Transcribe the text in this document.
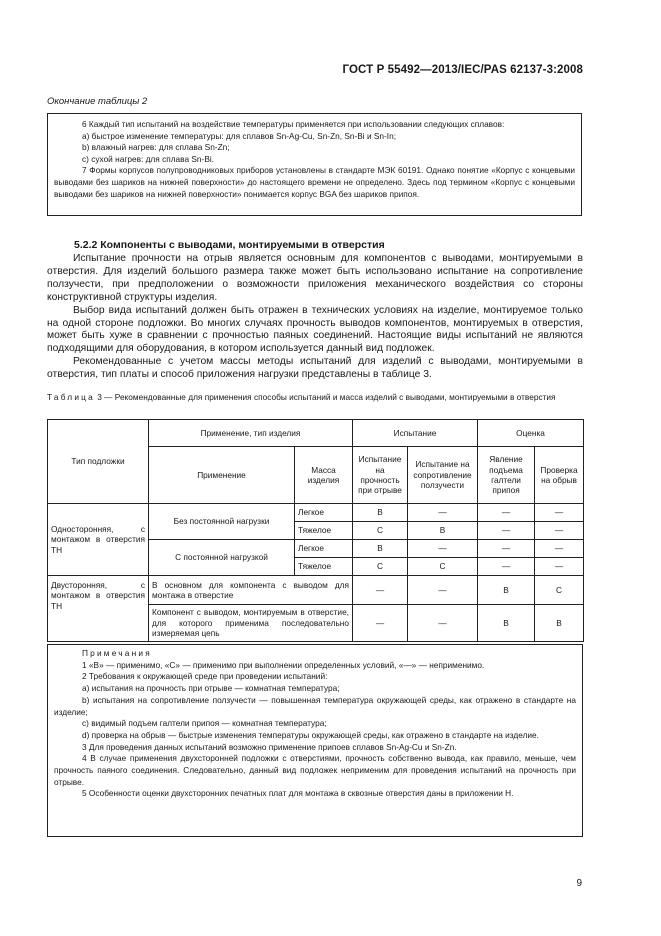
ГОСТ Р 55492—2013/IEC/PAS 62137-3:2008
Окончание таблицы 2

6 Каждый тип испытаний на воздействие температуры применяется при использовании следующих сплавов:

a) быстрое изменение температуры: для сплавов Sn-Ag-Cu, Sn-Zn, Sn-Bi и Sn-In;

b) влажный нагрев: для сплава Sn-Zn;

c) сухой нагрев: для сплава Sn-Bi.

7 Формы корпусов полупроводниковых приборов установлены в стандарте МЭК 60191. Однако понятие «Корпус с концевыми выводами без шариков на нижней поверхности» до настоящего времени не определено. Здесь под термином «Корпус с концевыми выводами без шариков на нижней поверхности» понимается корпус BGA без шариков припоя.

5.2.2 Компоненты с выводами, монтируемыми в отверстия

Испытание прочности на отрыв является основным для компонентов с выводами, монтируемыми в отверстия. Для изделий большого размера также может быть использовано испытание на сопротивление ползучести, при предположении о возможности приложения механического воздействия со стороны конструктивной структуры изделия.

Выбор вида испытаний должен быть отражен в технических условиях на изделие, монтируемое только на одной стороне подложки. Во многих случаях прочность выводов компонентов, монтируемых в отверстия, может быть хуже в сравнении с прочностью паяных соединений. Настоящие виды испытаний не являются подходящими для оборудования, в котором используется данный вид подложек.

Рекомендованные с учетом массы методы испытаний для изделий с выводами, монтируемыми в отверстия, тип платы и способ приложения нагрузки представлены в таблице 3.

Таблица 3 — Рекомендованные для применения способы испытаний и масса изделий с выводами, монтируемыми в отверстия
Тип подложки	Применение, тип изделия		Испытание		Оценка	
	Применение	Масса изделия	Испытание на прочность при отрыве	Испытание на сопротивление ползучести	Явление подъема галтели припоя	Проверка на обрыв
Односторонняя, с монтажом в отверстия TH	Без постоянной нагрузки	Легкое	B	—	—	—
		Тяжелое	C	B	—	—
	С постоянной нагрузкой	Легкое	B	—	—	—
		Тяжелое	C	C	—	—
Двусторонняя, с монтажом в отверстия TH	В основном для компонента с выводом для монтажа в отверстие		—	—	B	C
	Компонент с выводом, монтируемым в отверстие, для которого применима последовательно измеряемая цепь		—	—	B	B

Примечания

1 «B» — применимо, «C» — применимо при выполнении определенных условий, «—» — неприменимо.

2 Требования к окружающей среде при проведении испытаний:

a) испытания на прочность при отрыве — комнатная температура;

b) испытания на сопротивление ползучести — повышенная температура окружающей среды, как отражено в стандарте на изделие;

c) видимый подъем галтели припоя — комнатная температура;

d) проверка на обрыв — быстрые изменения температуры окружающей среды, как отражено в стандарте на изделие.

3 Для проведения данных испытаний возможно применение припоев сплавов Sn-Ag-Cu и Sn-Zn.

4 В случае применения двухсторонней подложки с отверстиями, прочность собственно вывода, как правило, меньше, чем прочность паяного соединения. Следовательно, данный вид подложек неприменим для проведения испытаний на прочность при отрыве.

5 Особенности оценки двухсторонних печатных плат для монтажа в сквозные отверстия даны в приложении Н.

9
